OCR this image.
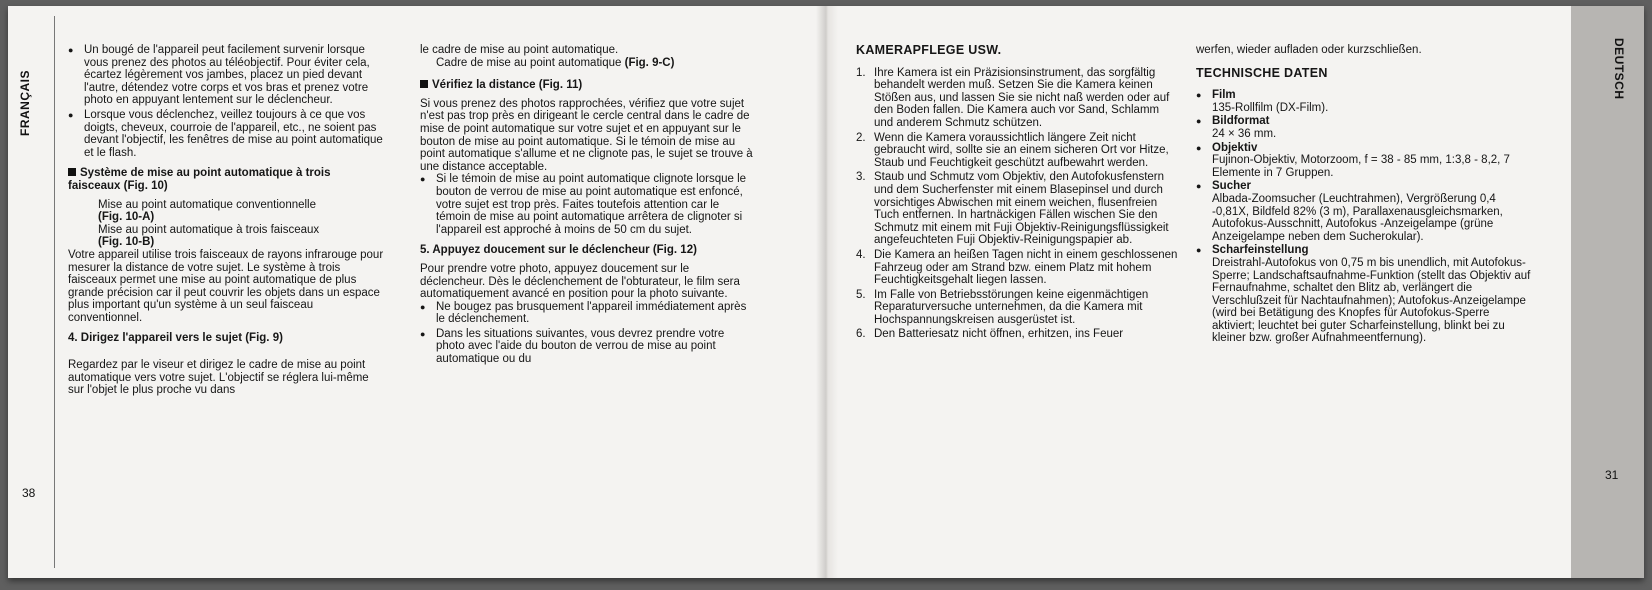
FRANÇAIS
38
● Un bougé de l'appareil peut facilement survenir lorsque vous prenez des photos au téléobjectif. Pour éviter cela, écartez légèrement vos jambes, placez un pied devant l'autre, détendez votre corps et vos bras et prenez votre photo en appuyant lentement sur le déclencheur.
● Lorsque vous déclenchez, veillez toujours à ce que vos doigts, cheveux, courroie de l'appareil, etc., ne soient pas devant l'objectif, les fenêtres de mise au point automatique et le flash.
Système de mise au point automatique à trois faisceaux (Fig. 10)
Mise au point automatique conventionnelle
(Fig. 10-A)
Mise au point automatique à trois faisceaux
(Fig. 10-B)

Votre appareil utilise trois faisceaux de rayons infrarouge pour mesurer la distance de votre sujet. Le système à trois faisceaux permet une mise au point automatique de plus grande précision car il peut couvrir les objets dans un espace plus important qu'un système à un seul faisceau conventionnel.

4. Dirigez l'appareil vers le sujet (Fig. 9)

Regardez par le viseur et dirigez le cadre de mise au point automatique vers votre sujet. L'objectif se réglera lui-même sur l'objet le plus proche vu dans

le cadre de mise au point automatique.
Cadre de mise au point automatique (Fig. 9-C)
Vérifiez la distance (Fig. 11)
Si vous prenez des photos rapprochées, vérifiez que votre sujet n'est pas trop près en dirigeant le cercle central dans le cadre de mise de point automatique sur votre sujet et en appuyant sur le bouton de mise au point automatique. Si le témoin de mise au point automatique s'allume et ne clignote pas, le sujet se trouve à une distance acceptable.
● Si le témoin de mise au point automatique clignote lorsque le bouton de verrou de mise au point automatique est enfoncé, votre sujet est trop près. Faites toutefois attention car le témoin de mise au point automatique arrêtera de clignoter si l'appareil est approché à moins de 50 cm du sujet.
5. Appuyez doucement sur le déclencheur (Fig. 12)
Pour prendre votre photo, appuyez doucement sur le déclencheur. Dès le déclenchement de l'obturateur, le film sera automatiquement avancé en position pour la photo suivante.
● Ne bougez pas brusquement l'appareil immédiatement après le déclenchement.
● Dans les situations suivantes, vous devrez prendre votre photo avec l'aide du bouton de verrou de mise au point automatique ou du
KAMERAPFLEGE USW.
1. Ihre Kamera ist ein Präzisionsinstrument, das sorgfältig behandelt werden muß. Setzen Sie die Kamera keinen Stößen aus, und lassen Sie sie nicht naß werden oder auf den Boden fallen. Die Kamera auch vor Sand, Schlamm und anderem Schmutz schützen.
2. Wenn die Kamera voraussichtlich längere Zeit nicht gebraucht wird, sollte sie an einem sicheren Ort vor Hitze, Staub und Feuchtigkeit geschützt aufbewahrt werden.
3. Staub und Schmutz vom Objektiv, den Autofokusfenstern und dem Sucherfenster mit einem Blasepinsel und durch vorsichtiges Abwischen mit einem weichen, flusenfreien Tuch entfernen. In hartnäckigen Fällen wischen Sie den Schmutz mit einem mit Fuji Objektiv-Reinigungsflüssigkeit angefeuchteten Fuji Objektiv-Reinigungspapier ab.
4. Die Kamera an heißen Tagen nicht in einem geschlossenen Fahrzeug oder am Strand bzw. einem Platz mit hohem Feuchtigkeitsgehalt liegen lassen.
5. Im Falle von Betriebsstörungen keine eigenmächtigen Reparaturversuche unternehmen, da die Kamera mit Hochspannungskreisen ausgerüstet ist.
6. Den Batteriesatz nicht öffnen, erhitzen, ins Feuer
werfen, wieder aufladen oder kurzschließen.
TECHNISCHE DATEN
● Film
135-Rollfilm (DX-Film).
● Bildformat
24 × 36 mm.
● Objektiv
Fujinon-Objektiv, Motorzoom, f = 38 - 85 mm, 1:3,8 - 8,2, 7 Elemente in 7 Gruppen.
● Sucher
Albada-Zoomsucher (Leuchtrahmen), Vergrößerung 0,4 -0,81X, Bildfeld 82% (3 m), Parallaxenausgleichsmarken, Autofokus-Ausschnitt, Autofokus -Anzeigelampe (grüne Anzeigelampe neben dem Sucherokular).
● Scharfeinstellung
Dreistrahl-Autofokus von 0,75 m bis unendlich, mit Autofokus-Sperre; Landschaftsaufnahme-Funktion (stellt das Objektiv auf Fernaufnahme, schaltet den Blitz ab, verlängert die Verschlußzeit für Nachtaufnahmen); Autofokus-Anzeigelampe (wird bei Betätigung des Knopfes für Autofokus-Sperre aktiviert; leuchtet bei guter Scharfeinstellung, blinkt bei zu kleiner bzw. großer Aufnahmeentfernung).
DEUTSCH
31
